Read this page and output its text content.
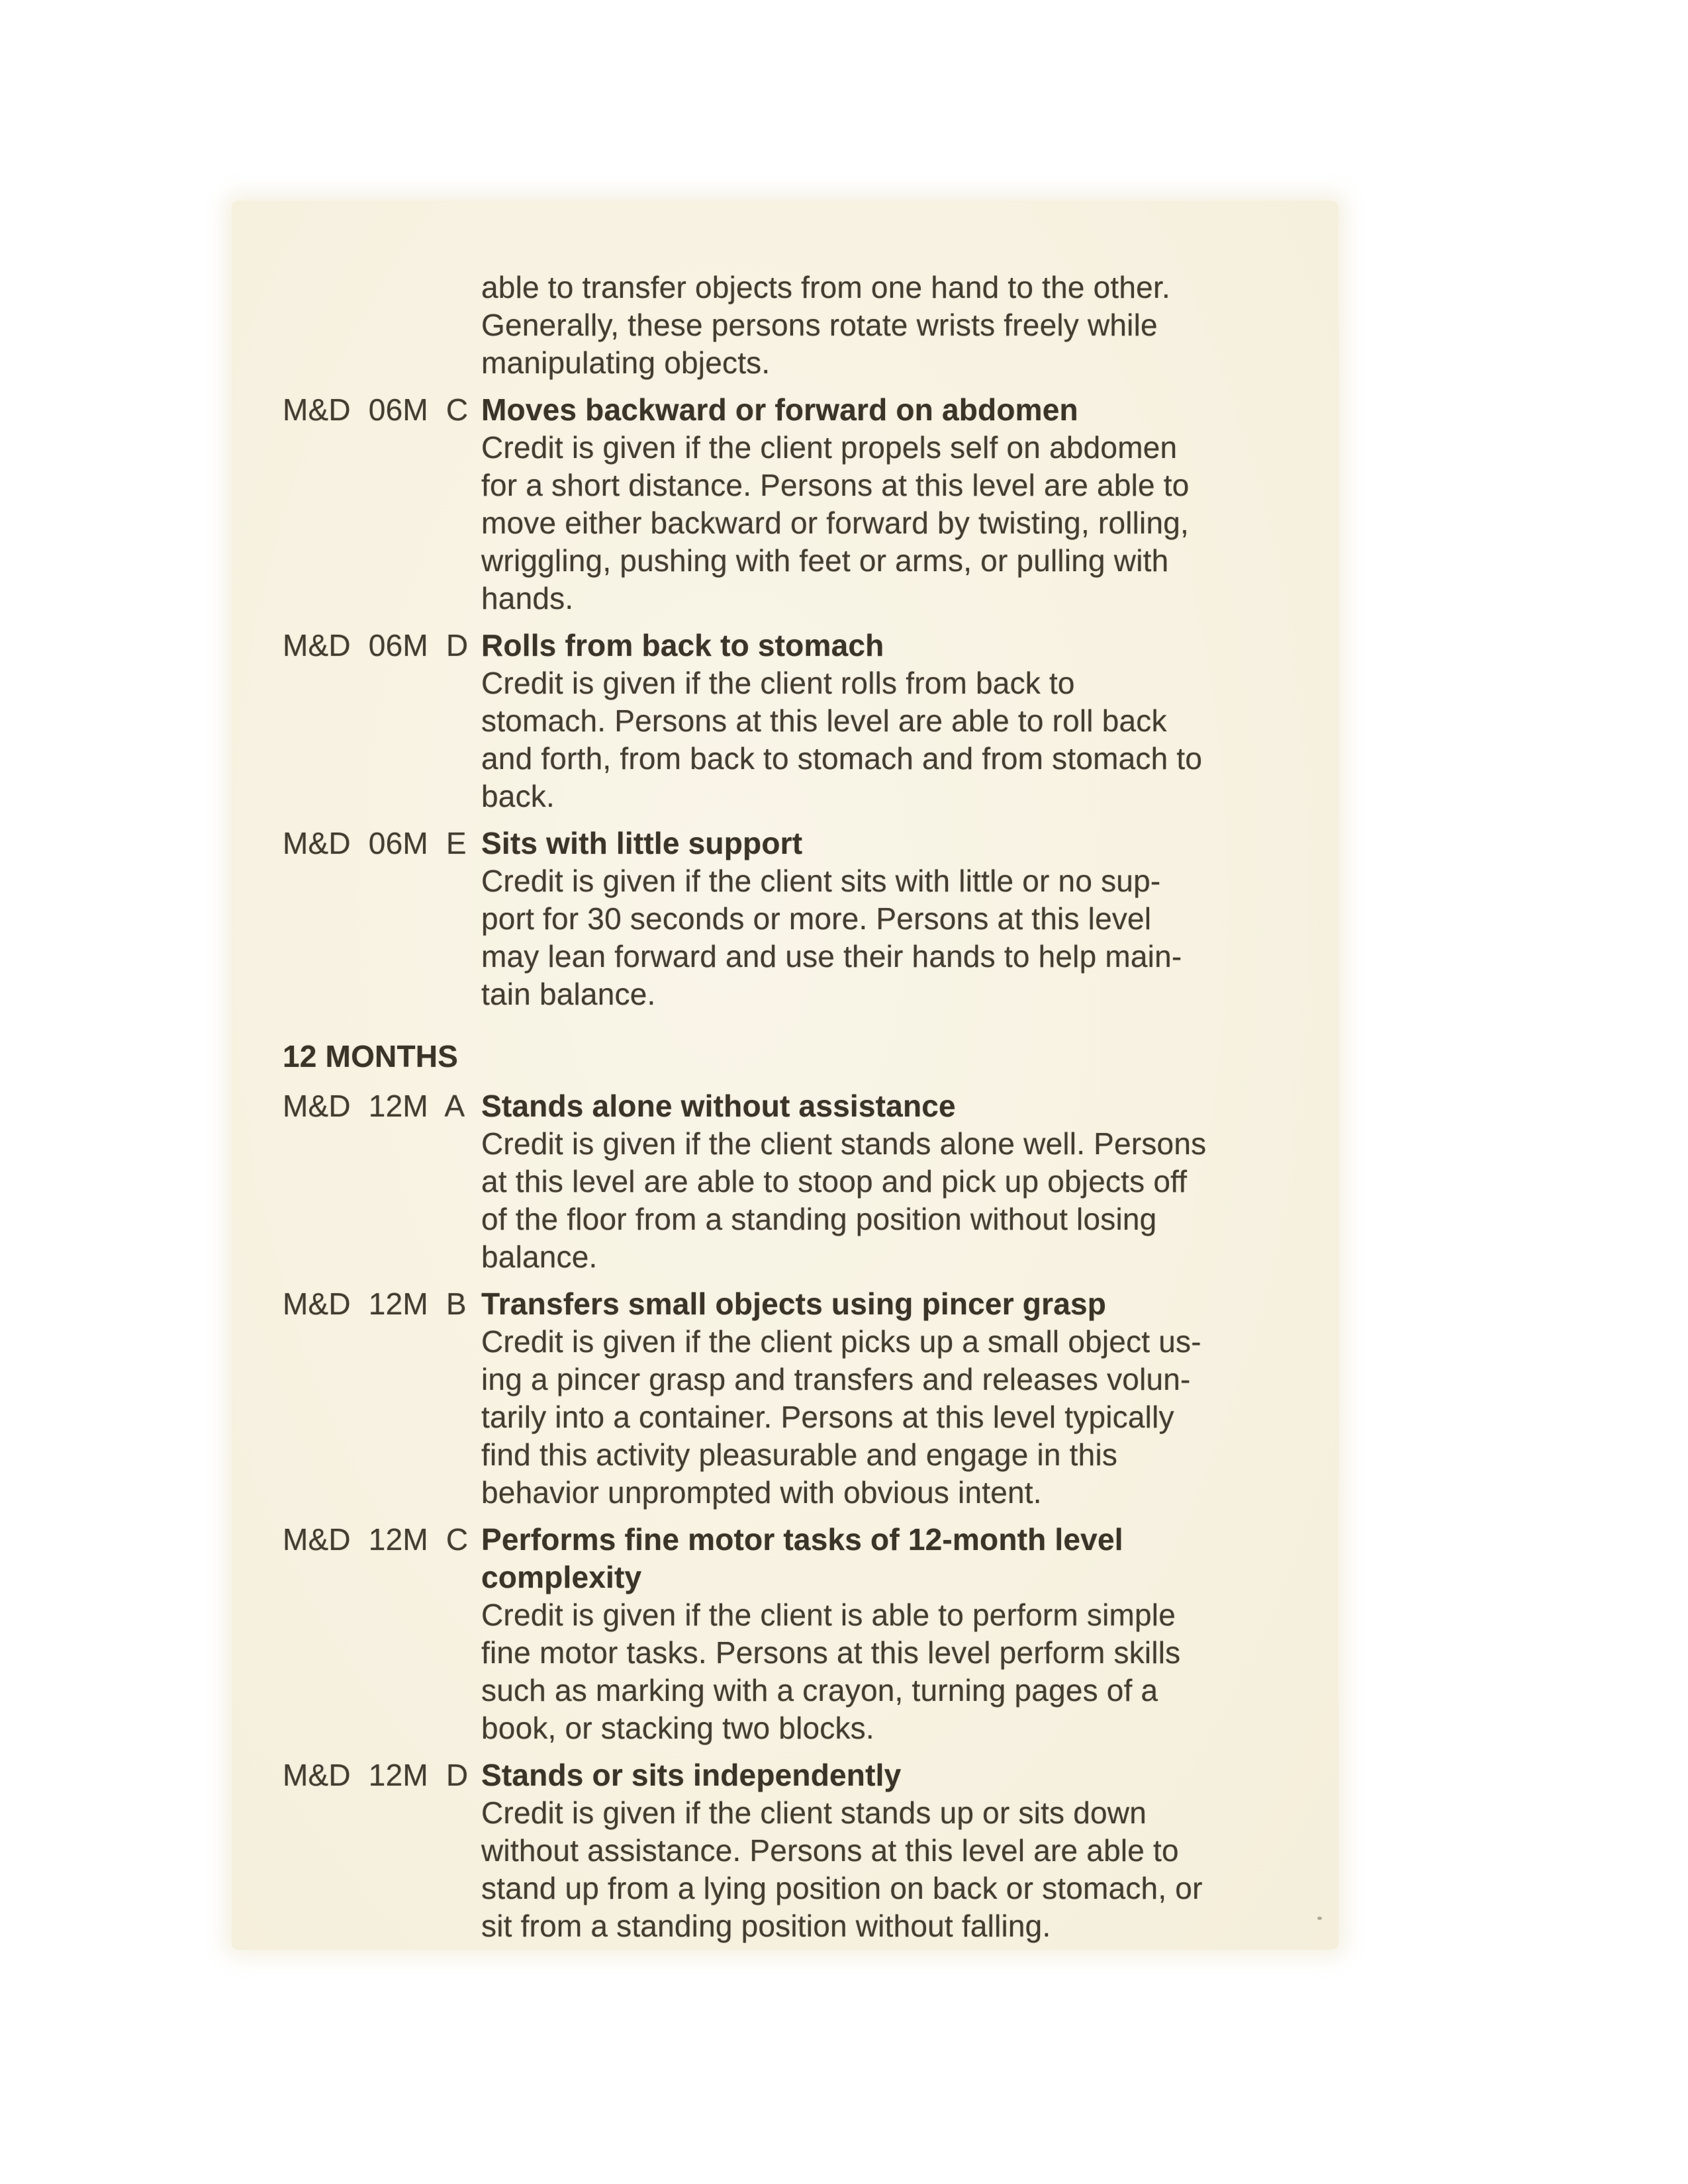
able to transfer objects from one hand to the other.
Generally, these persons rotate wrists freely while
manipulating objects.
M&D 06M C Moves backward or forward on abdomen
Credit is given if the client propels self on abdomen
for a short distance. Persons at this level are able to
move either backward or forward by twisting, rolling,
wriggling, pushing with feet or arms, or pulling with
hands.
M&D 06M D Rolls from back to stomach
Credit is given if the client rolls from back to
stomach. Persons at this level are able to roll back
and forth, from back to stomach and from stomach to
back.
M&D 06M E Sits with little support
Credit is given if the client sits with little or no sup-
port for 30 seconds or more. Persons at this level
may lean forward and use their hands to help main-
tain balance.
12 MONTHS
M&D 12M A Stands alone without assistance
Credit is given if the client stands alone well. Persons
at this level are able to stoop and pick up objects off
of the floor from a standing position without losing
balance.
M&D 12M B Transfers small objects using pincer grasp
Credit is given if the client picks up a small object us-
ing a pincer grasp and transfers and releases volun-
tarily into a container. Persons at this level typically
find this activity pleasurable and engage in this
behavior unprompted with obvious intent.
M&D 12M C Performs fine motor tasks of 12-month level
complexity
Credit is given if the client is able to perform simple
fine motor tasks. Persons at this level perform skills
such as marking with a crayon, turning pages of a
book, or stacking two blocks.
M&D 12M D Stands or sits independently
Credit is given if the client stands up or sits down
without assistance. Persons at this level are able to
stand up from a lying position on back or stomach, or
sit from a standing position without falling.
